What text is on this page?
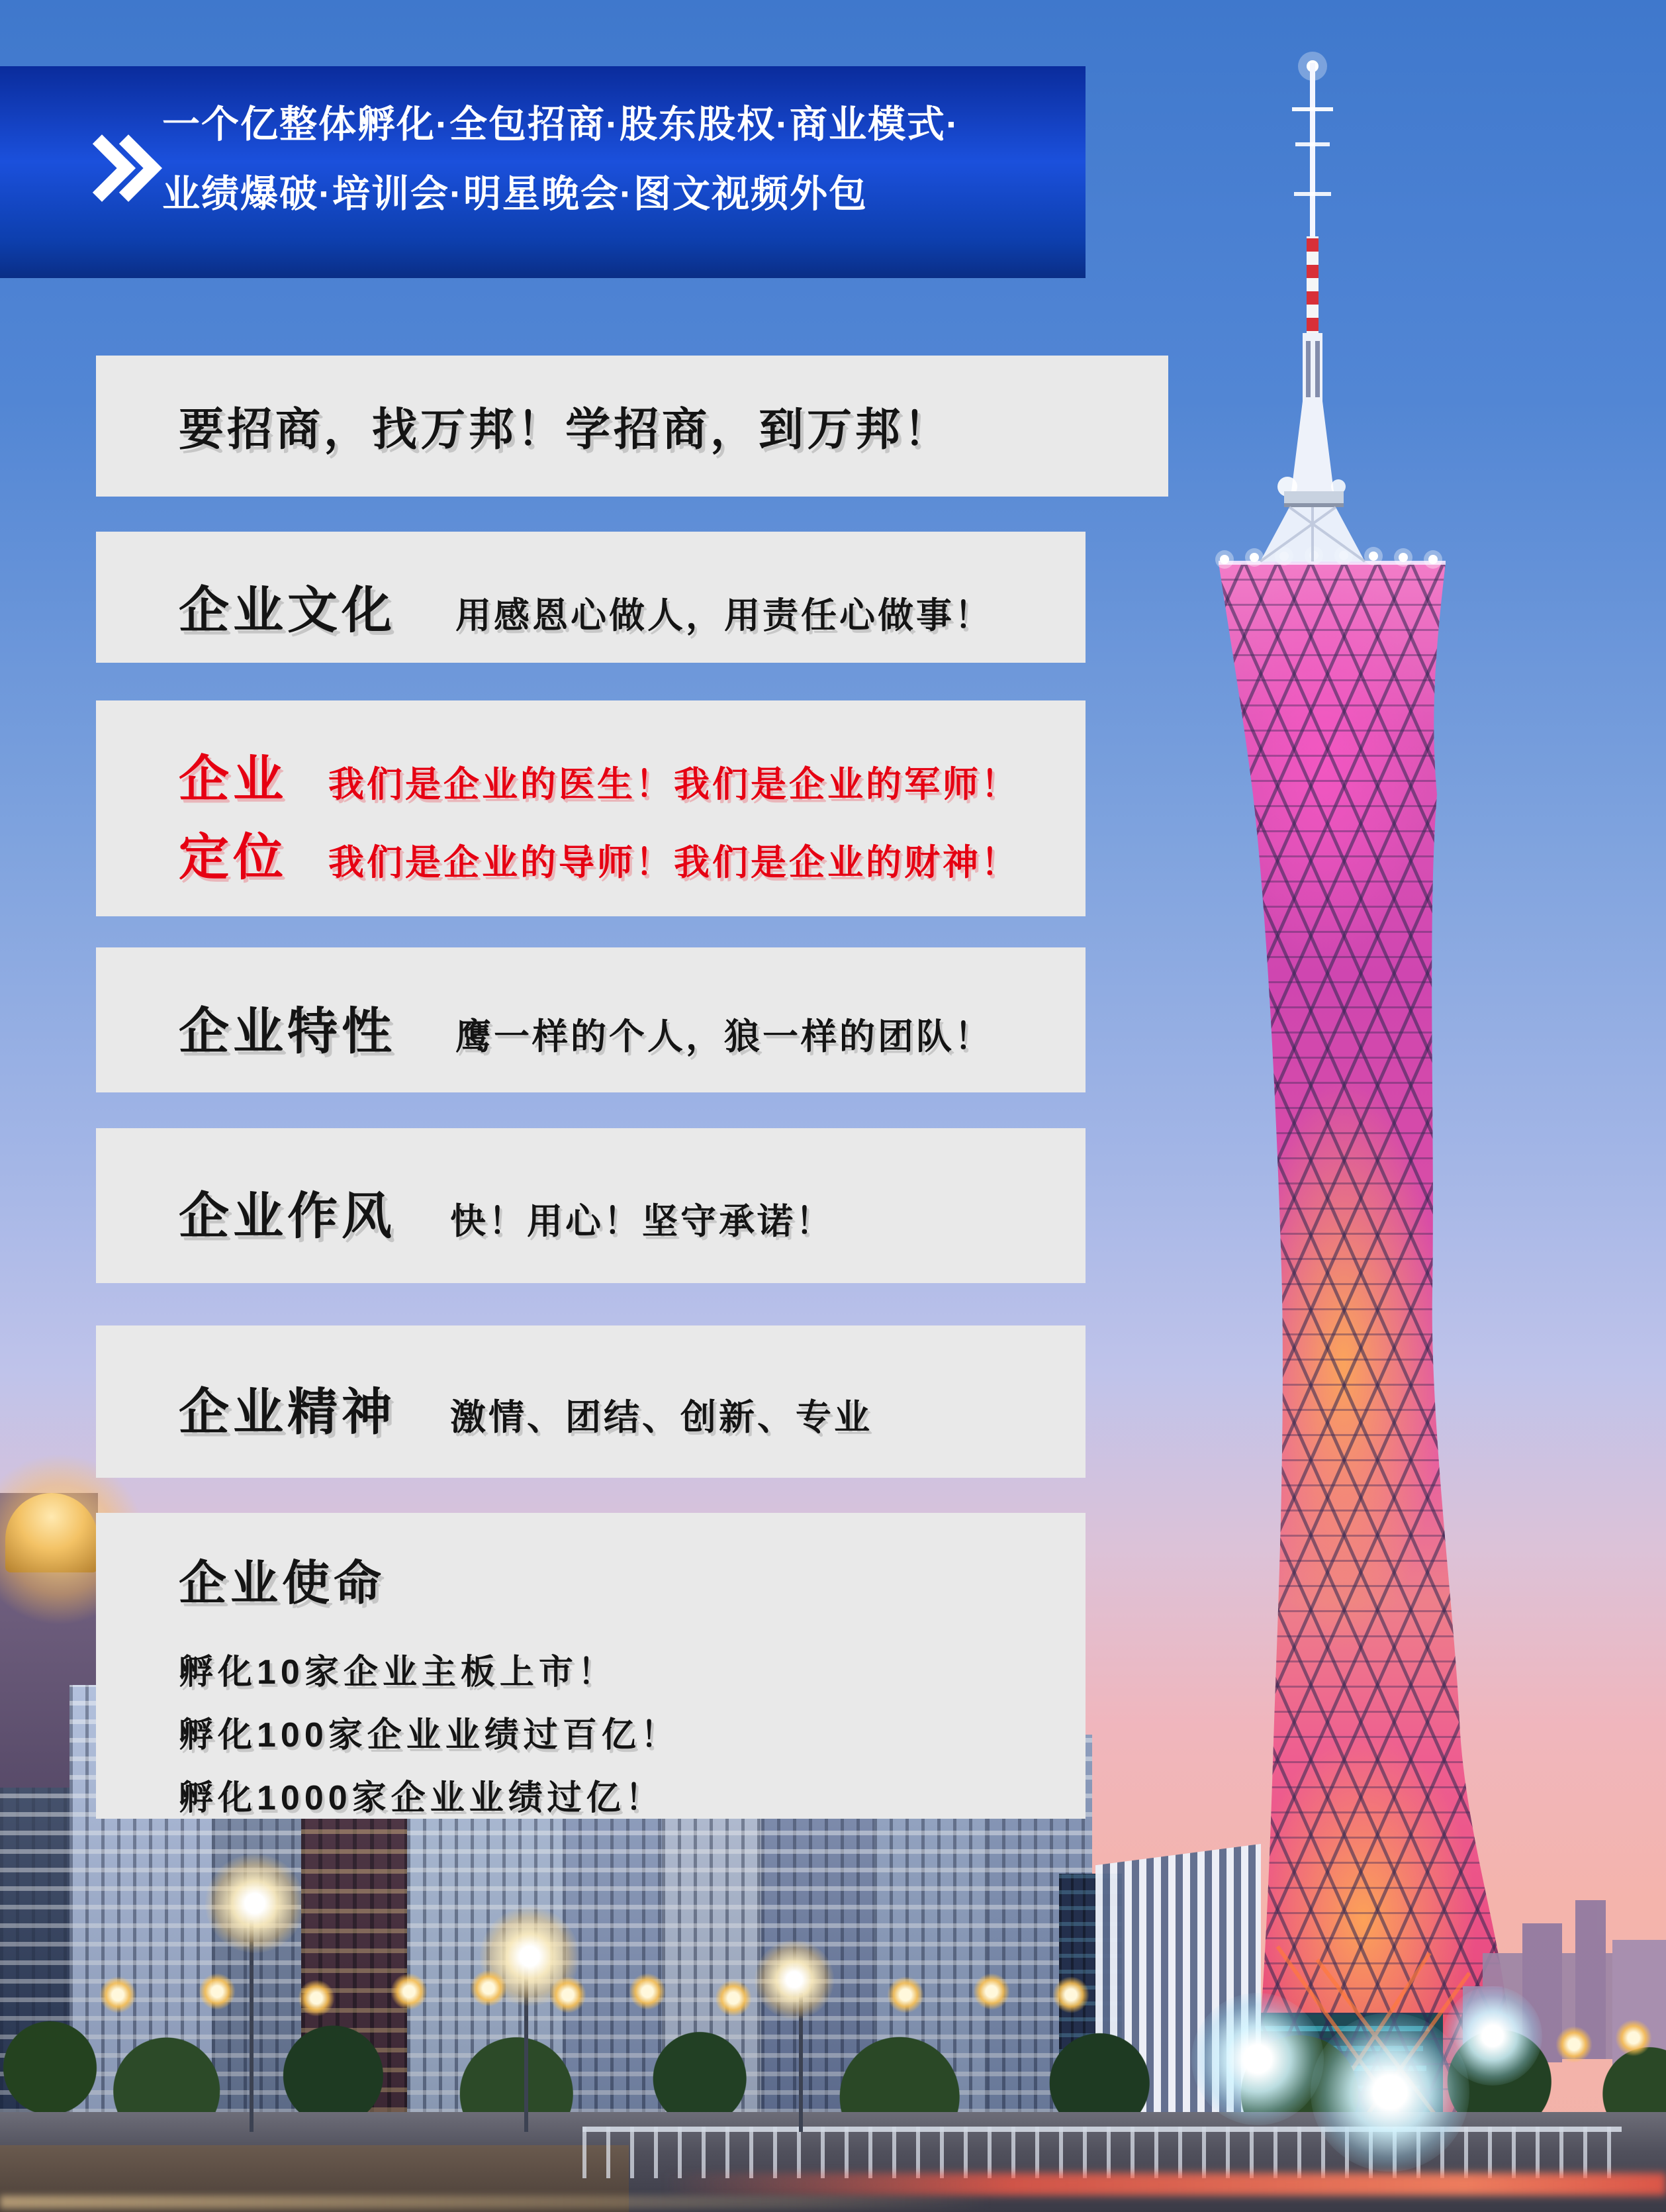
一个亿整体孵化·全包招商·股东股权·商业模式·
业绩爆破·培训会·明星晚会·图文视频外包
要招商，找万邦！学招商，到万邦！
企业文化 用感恩心做人，用责任心做事！
企业 我们是企业的医生！我们是企业的军师！
定位 我们是企业的导师！我们是企业的财神！
企业特性 鹰一样的个人，狼一样的团队！
企业作风 快！用心！坚守承诺！
企业精神 激情、团结、创新、专业
企业使命
孵化10家企业主板上市！
孵化100家企业业绩过百亿！
孵化1000家企业业绩过亿！
